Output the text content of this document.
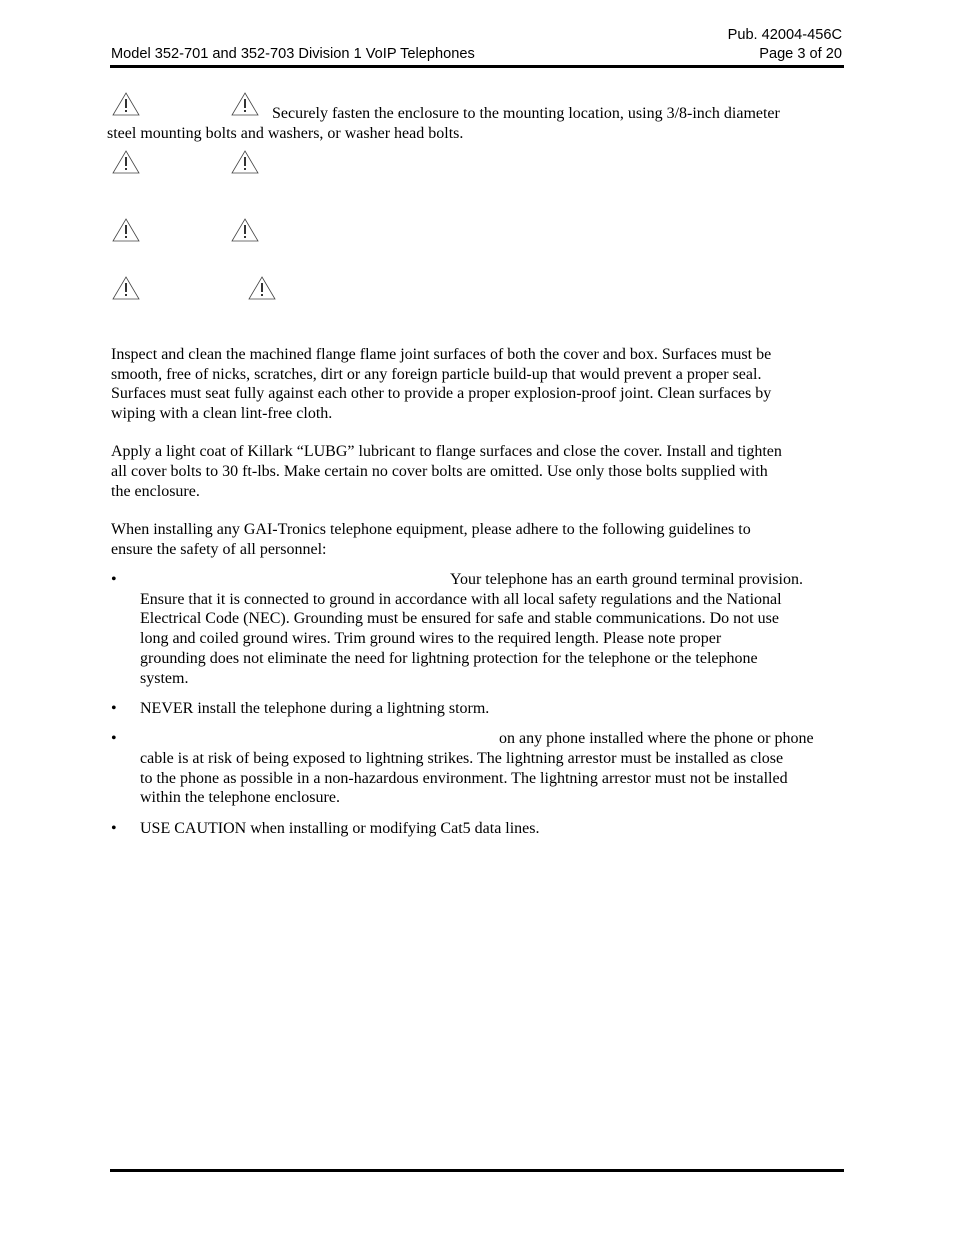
Pub. 42004-456C
Model 352-701 and 352-703 Division 1 VoIP Telephones	Page 3 of 20
Securely fasten the enclosure to the mounting location, using 3/8-inch diameter
steel mounting bolts and washers, or washer head bolts.
Inspect and clean the machined flange flame joint surfaces of both the cover and box. Surfaces must be
smooth, free of nicks, scratches, dirt or any foreign particle build-up that would prevent a proper seal.
Surfaces must seat fully against each other to provide a proper explosion-proof joint. Clean surfaces by
wiping with a clean lint-free cloth.
Apply a light coat of Killark “LUBG” lubricant to flange surfaces and close the cover. Install and tighten
all cover bolts to 30 ft-lbs. Make certain no cover bolts are omitted. Use only those bolts supplied with
the enclosure.
When installing any GAI-Tronics telephone equipment, please adhere to the following guidelines to
ensure the safety of all personnel:
•	Your telephone has an earth ground terminal provision.
Ensure that it is connected to ground in accordance with all local safety regulations and the National
Electrical Code (NEC). Grounding must be ensured for safe and stable communications. Do not use
long and coiled ground wires. Trim ground wires to the required length. Please note proper
grounding does not eliminate the need for lightning protection for the telephone or the telephone
system.
• NEVER install the telephone during a lightning storm.
•	on any phone installed where the phone or phone
cable is at risk of being exposed to lightning strikes. The lightning arrestor must be installed as close
to the phone as possible in a non-hazardous environment. The lightning arrestor must not be installed
within the telephone enclosure.
• USE CAUTION when installing or modifying Cat5 data lines.
